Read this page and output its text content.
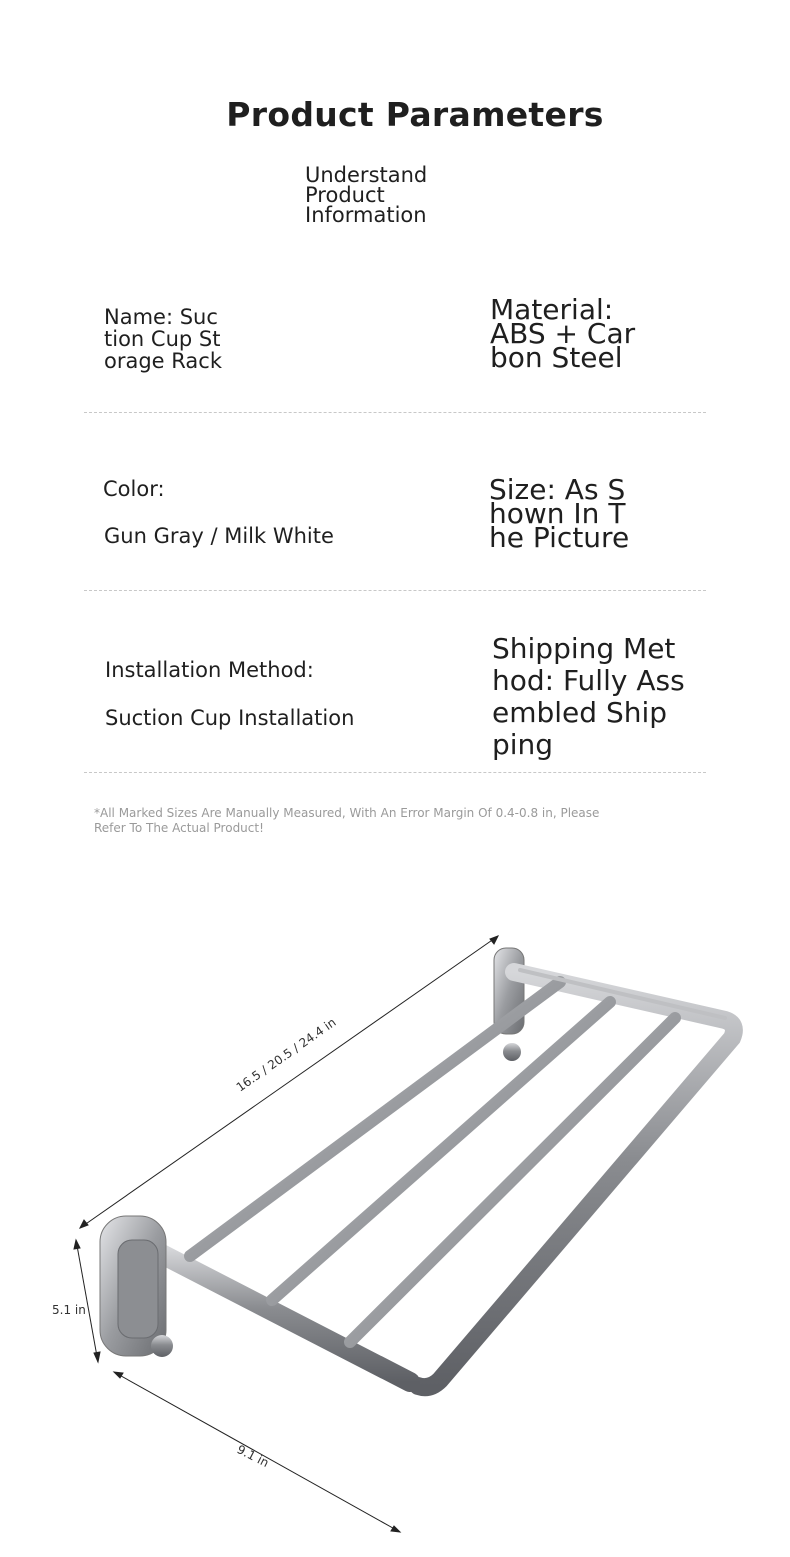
Product Parameters
Understand Product Information
Name: Suc
tion Cup St
orage Rack
Material:
ABS + Car
bon Steel
Color:
Gun Gray / Milk White
Size: As S
hown In T
he Picture
Installation Method:
Suction Cup Installation
Shipping Met
hod: Fully Ass
embled Ship
ping
*All Marked Sizes Are Manually Measured, With An Error Margin Of 0.4-0.8 in, Please Refer To The Actual Product!
16.5 / 20.5 / 24.4 in
5.1 in
9.1 in
